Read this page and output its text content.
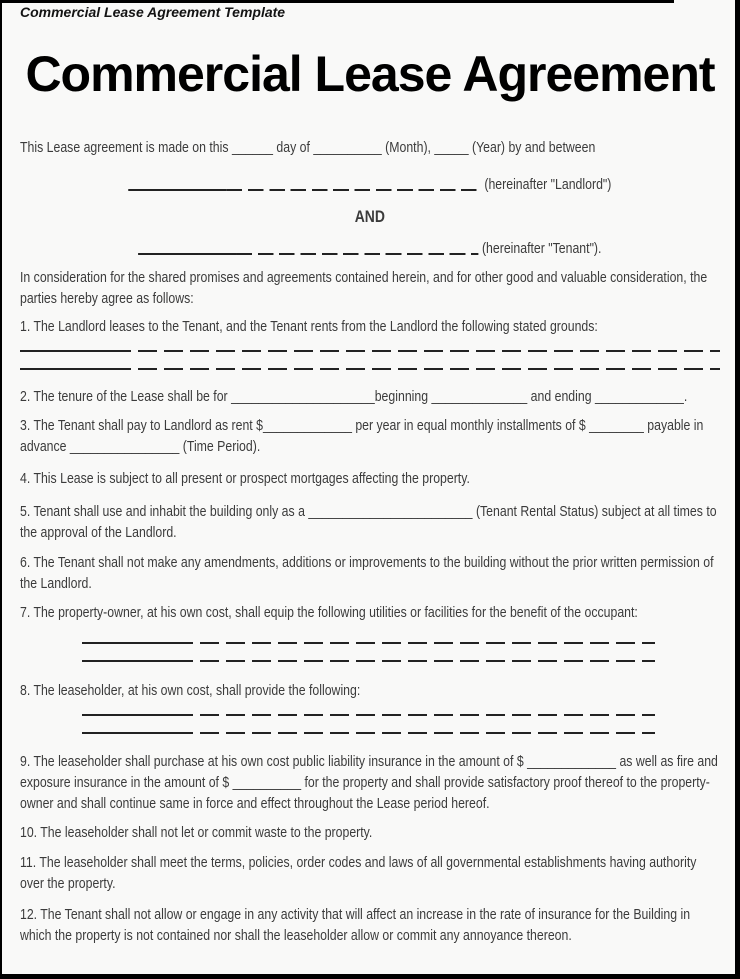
Commercial Lease Agreement Template
Commercial Lease Agreement

This Lease agreement is made on this ______ day of __________ (Month), _____ (Year) by and between

(hereinafter "Landlord")
AND
(hereinafter "Tenant").

In consideration for the shared promises and agreements contained herein, and for other good and valuable consideration, the parties hereby agree as follows:

1. The Landlord leases to the Tenant, and the Tenant rents from the Landlord the following stated grounds:

2. The tenure of the Lease shall be for _____________________beginning ______________ and ending _____________.

3. The Tenant shall pay to Landlord as rent $_____________ per year in equal monthly installments of $ ________ payable in advance ________________ (Time Period).

4. This Lease is subject to all present or prospect mortgages affecting the property.

5. Tenant shall use and inhabit the building only as a ________________________ (Tenant Rental Status) subject at all times to the approval of the Landlord.

6. The Tenant shall not make any amendments, additions or improvements to the building without the prior written permission of the Landlord.

7. The property-owner, at his own cost, shall equip the following utilities or facilities for the benefit of the occupant:

8. The leaseholder, at his own cost, shall provide the following:

9. The leaseholder shall purchase at his own cost public liability insurance in the amount of $ _____________ as well as fire and exposure insurance in the amount of $ __________ for the property and shall provide satisfactory proof thereof to the property-owner and shall continue same in force and effect throughout the Lease period hereof.

10. The leaseholder shall not let or commit waste to the property.

11. The leaseholder shall meet the terms, policies, order codes and laws of all governmental establishments having authority over the property.

12. The Tenant shall not allow or engage in any activity that will affect an increase in the rate of insurance for the Building in which the property is not contained nor shall the leaseholder allow or commit any annoyance thereon.
